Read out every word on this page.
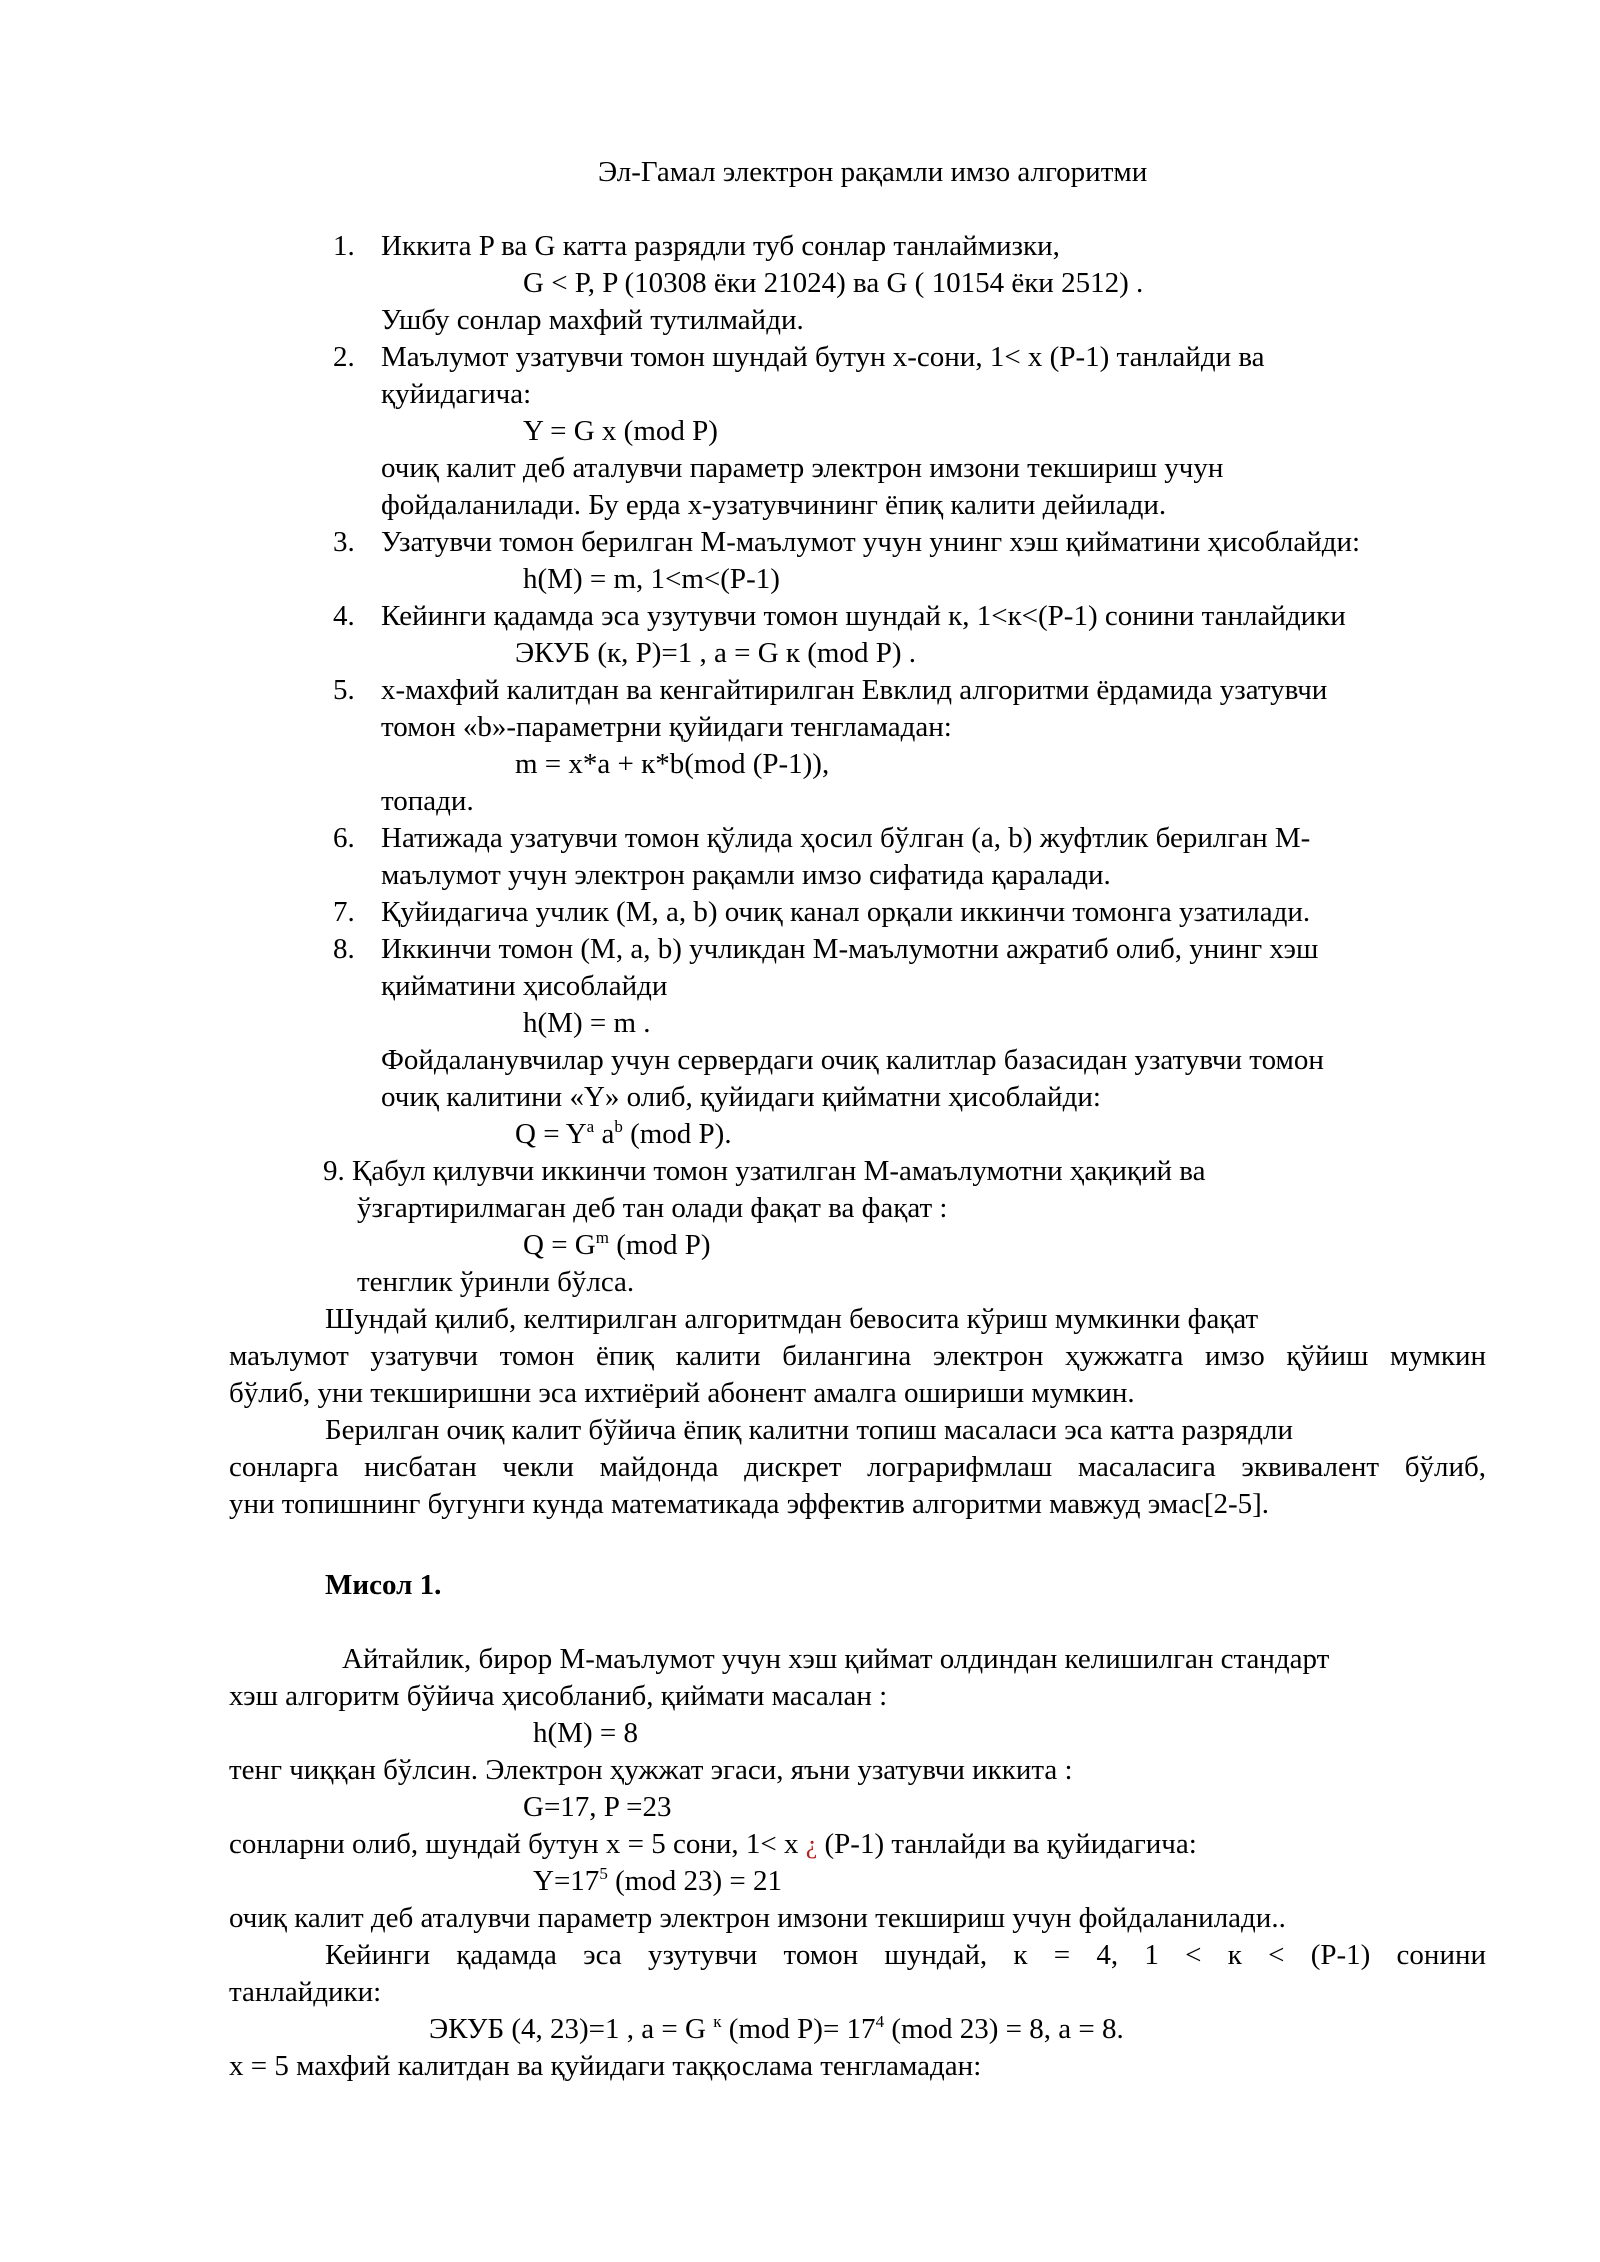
Эл-Гамал электрон рақамли имзо алгоритми
1. Иккита P ва G катта разрядли туб сонлар танлаймизки,
G < P, P (10308 ёки 21024) ва G ( 10154 ёки 2512) .
Ушбу сонлар махфий тутилмайди.
2. Маълумот узатувчи томон шундай бутун x-сони, 1< x (P-1) танлайди ва
қуйидагича:
Y = G x (mod P)
очиқ калит деб аталувчи параметр электрон имзони текшириш учун
фойдаланилади. Бу ерда x-узатувчининг ёпиқ калити дейилади.
3. Узатувчи томон берилган M-маълумот учун унинг хэш қийматини ҳисоблайди:
h(M) = m, 1<m<(P-1)
4. Кейинги қадамда эса узутувчи томон шундай к, 1<к<(P-1) сонини танлайдики
ЭКУБ (к, P)=1 , a = G к (mod P) .
5. x-махфий калитдан ва кенгайтирилган Евклид алгоритми ёрдамида узатувчи
томон «b»-параметрни қуйидаги тенгламадан:
m = x*a + к*b(mod (P-1)),
топади.
6. Натижада узатувчи томон қўлида ҳосил бўлган (a, b) жуфтлик берилган M-
маълумот учун электрон рақамли имзо сифатида қаралади.
7. Қуйидагича учлик (M, a, b) очиқ канал орқали иккинчи томонга узатилади.
8. Иккинчи томон (M, a, b) учликдан M-маълумотни ажратиб олиб, унинг хэш
қийматини ҳисоблайди
h(M) = m .
Фойдаланувчилар учун сервердаги очиқ калитлар базасидан узатувчи томон
очиқ калитини «Y» олиб, қуйидаги қийматни ҳисоблайди:
$Q = Y^a$ $a^b$ (mod P).
9. Қабул қилувчи иккинчи томон узатилган M-амаълумотни ҳақиқий ва
ўзгартирилмаган деб тан олади фақат ва фақат :
$Q = G^m$ (mod P)
тенглик ўринли бўлса.
Шундай қилиб, келтирилган алгоритмдан бевосита кўриш мумкинки фақат
маълумот узатувчи томон ёпиқ калити билангина электрон ҳужжатга имзо қўйиш мумкин
бўлиб, уни текширишни эса ихтиёрий абонент амалга ошириши мумкин.
Берилган очиқ калит бўйича ёпиқ калитни топиш масаласи эса катта разрядли
сонларга нисбатан чекли майдонда дискрет лограрифмлаш масаласига эквивалент бўлиб,
уни топишнинг бугунги кунда математикада эффектив алгоритми мавжуд эмас[2-5].
Мисол 1.
Айтайлик, бирор M-маълумот учун хэш қиймат олдиндан келишилган стандарт
хэш алгоритм бўйича ҳисобланиб, қиймати масалан :
h(M) = 8
тенг чиққан бўлсин. Электрон ҳужжат эгаси, яъни узатувчи иккита :
G=17, P =23
сонларни олиб, шундай бутун x = 5 сони, 1< x ¿ (P-1) танлайди ва қуйидагича:
$Y=17^5$ (mod 23) = 21
очиқ калит деб аталувчи параметр электрон имзони текшириш учун фойдаланилади..
Кейинги қадамда эса узутувчи томон шундай, к = 4, 1 < к < (P-1) сонини
танлайдики:
ЭКУБ (4, 23)=1 , a = G $^к$ (mod $P)= 17^4$ (mod 23) = 8, a = 8.
x = 5 махфий калитдан ва қуйидаги таққослама тенгламадан:
